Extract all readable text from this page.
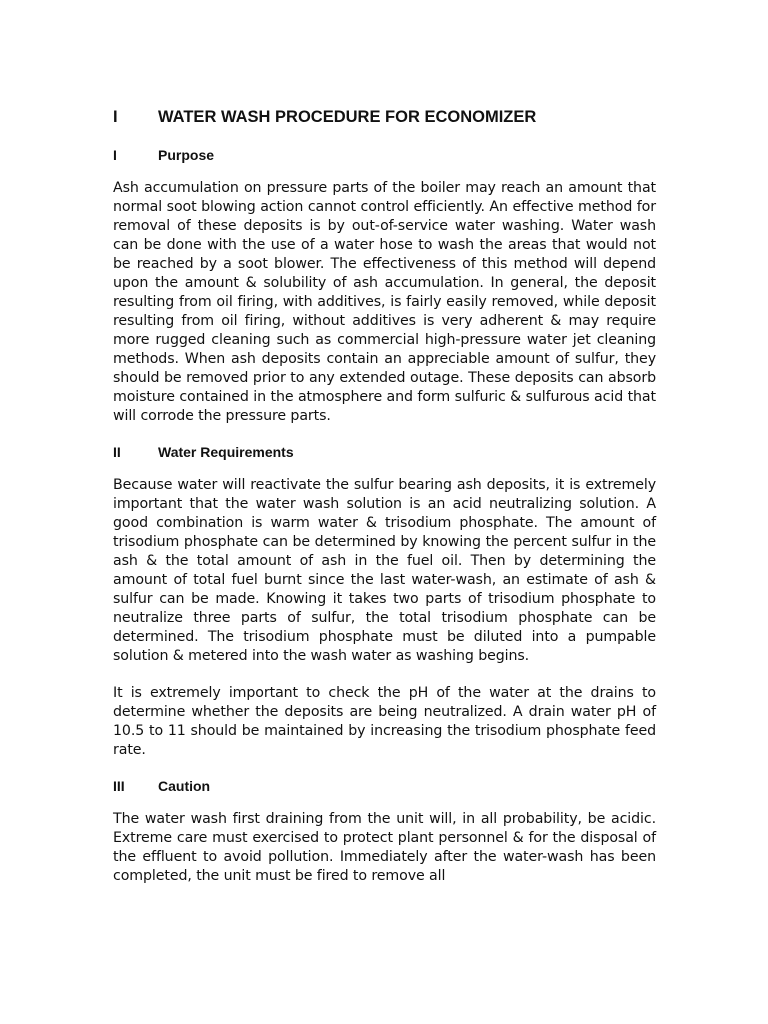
I	WATER WASH PROCEDURE FOR ECONOMIZER
I	Purpose

Ash accumulation on pressure parts of the boiler may reach an amount that normal soot blowing action cannot control efficiently. An effective method for removal of these deposits is by out-of-service water washing. Water wash can be done with the use of a water hose to wash the areas that would not be reached by a soot blower. The effectiveness of this method will depend upon the amount & solubility of ash accumulation. In general, the deposit resulting from oil firing, with additives, is fairly easily removed, while deposit resulting from oil firing, without additives is very adherent & may require more rugged cleaning such as commercial high-pressure water jet cleaning methods. When ash deposits contain an appreciable amount of sulfur, they should be removed prior to any extended outage. These deposits can absorb moisture contained in the atmosphere and form sulfuric & sulfurous acid that will corrode the pressure parts.

II	Water Requirements

Because water will reactivate the sulfur bearing ash deposits, it is extremely important that the water wash solution is an acid neutralizing solution. A good combination is warm water & trisodium phosphate. The amount of trisodium phosphate can be determined by knowing the percent sulfur in the ash & the total amount of ash in the fuel oil. Then by determining the amount of total fuel burnt since the last water-wash, an estimate of ash & sulfur can be made. Knowing it takes two parts of trisodium phosphate to neutralize three parts of sulfur, the total trisodium phosphate can be determined. The trisodium phosphate must be diluted into a pumpable solution & metered into the wash water as washing begins.

It is extremely important to check the pH of the water at the drains to determine whether the deposits are being neutralized. A drain water pH of 10.5 to 11 should be maintained by increasing the trisodium phosphate feed rate.

III	Caution

The water wash first draining from the unit will, in all probability, be acidic. Extreme care must exercised to protect plant personnel & for the disposal of the effluent to avoid pollution. Immediately after the water-wash has been completed, the unit must be fired to remove all
